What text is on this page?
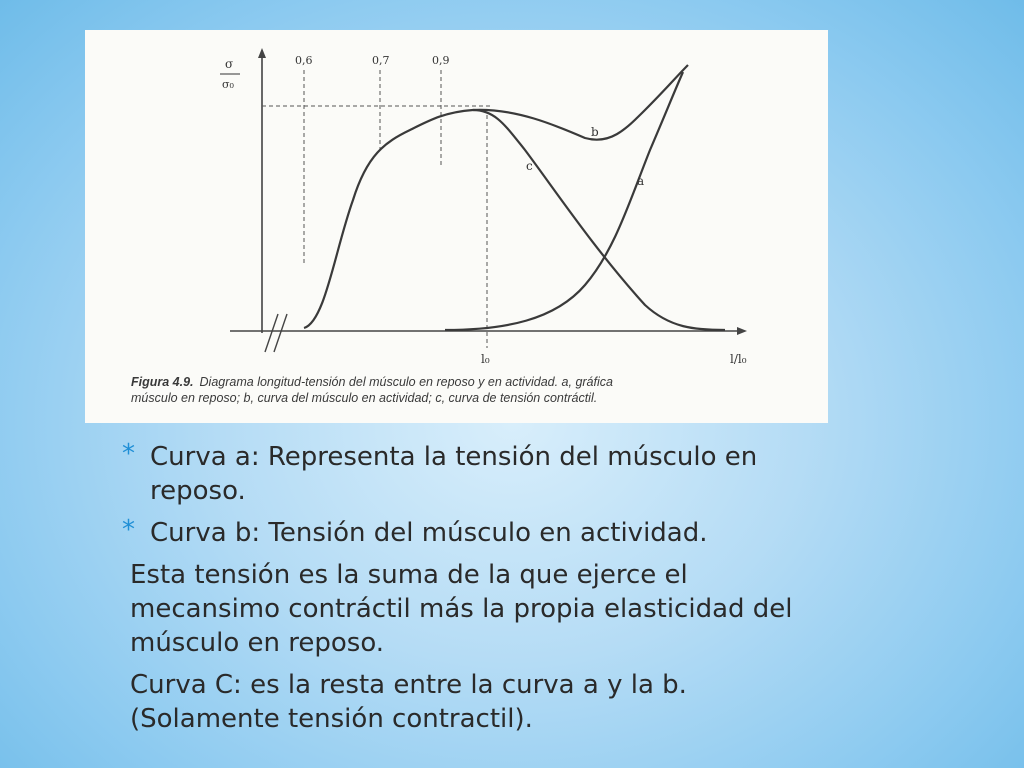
σ
σ₀
0,6	0,7	0,9
l₀	l/l₀
b
c
a
Figura 4.9. Diagrama longitud-tensión del músculo en reposo y en actividad. a, gráfica
músculo en reposo; b, curva del músculo en actividad; c, curva de tensión contráctil.
* Curva a: Representa la tensión del músculo en reposo.
* Curva b: Tensión del músculo en actividad.
Esta tensión es la suma de la que ejerce el mecansimo contráctil más la propia elasticidad del músculo en reposo.
Curva C: es la resta entre la curva a y la b. (Solamente tensión contractil).
